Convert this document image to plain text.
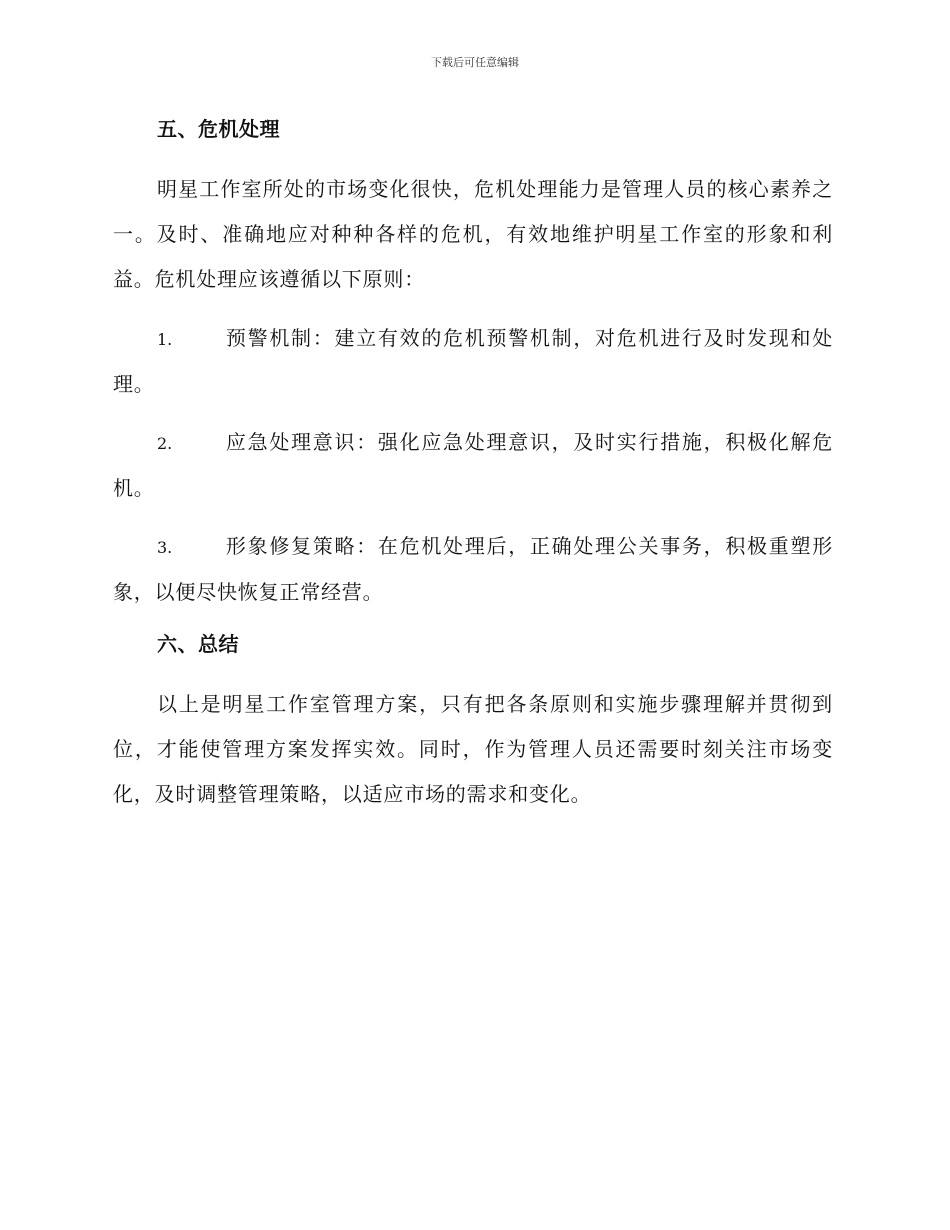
下载后可任意编辑
五、危机处理

明星工作室所处的市场变化很快，危机处理能力是管理人员的核心素养之一。及时、准确地应对种种各样的危机，有效地维护明星工作室的形象和利益。危机处理应该遵循以下原则：

1.	预警机制：建立有效的危机预警机制，对危机进行及时发现和处理。

2.	应急处理意识：强化应急处理意识，及时实行措施，积极化解危机。

3.	形象修复策略：在危机处理后，正确处理公关事务，积极重塑形象，以便尽快恢复正常经营。

六、总结

以上是明星工作室管理方案，只有把各条原则和实施步骤理解并贯彻到位，才能使管理方案发挥实效。同时，作为管理人员还需要时刻关注市场变化，及时调整管理策略，以适应市场的需求和变化。
